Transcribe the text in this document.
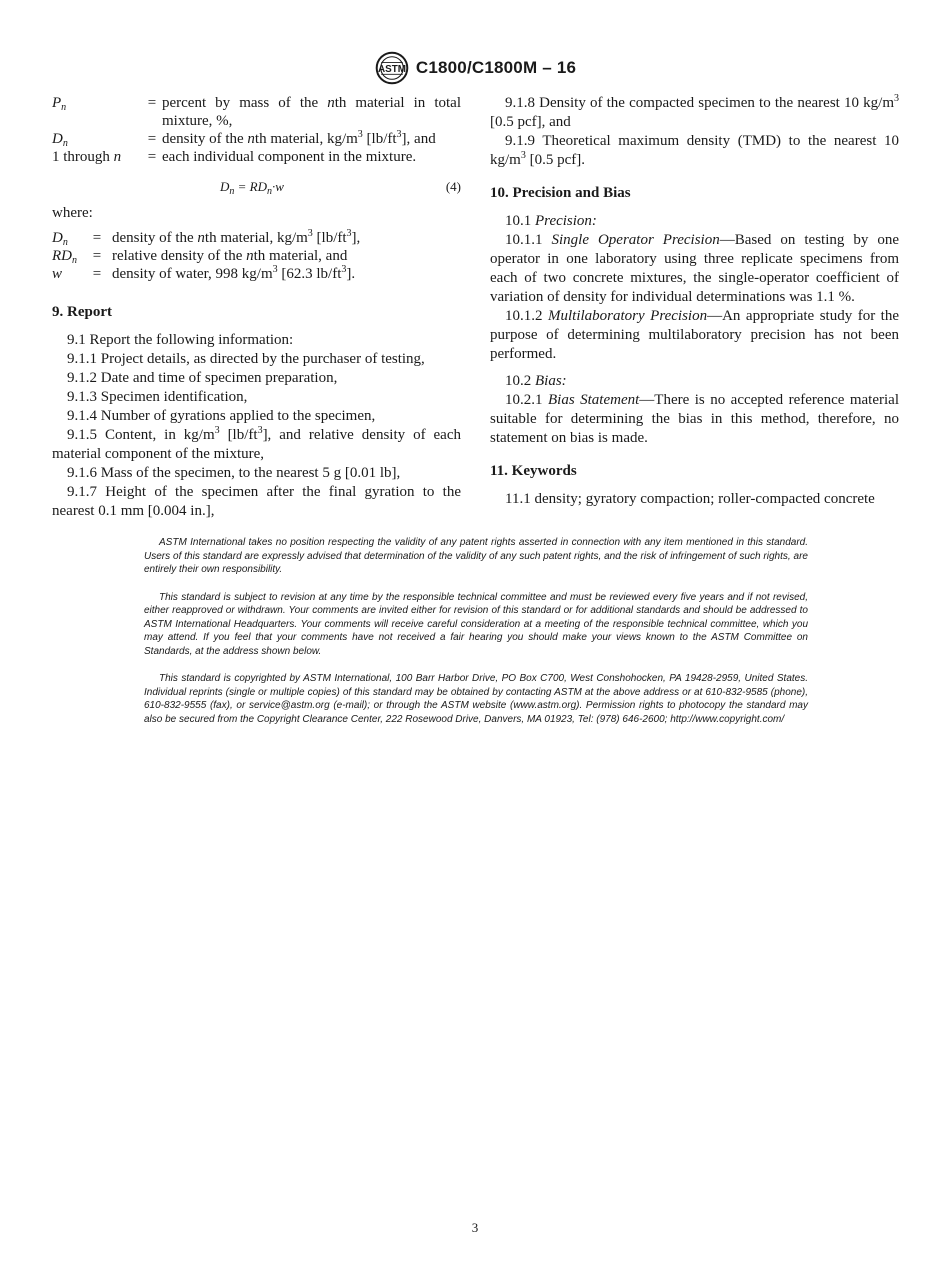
ASTM C1800/C1800M – 16
$P_n$	=	percent by mass of the nth material in total mixture, %,
$D_n$	=	density of the nth material, $kg/m^3$ $[lb/ft^3]$, and
1 through n	=	each individual component in the mixture.
$D_n = RD_n\cdot w$	(4)

where:

$D_n$	=	density of the nth material, $kg/m^3$ $[lb/ft^3]$,
$RD_n$	=	relative density of the nth material, and
w	=	density of water, 998 $kg/m^3$ [62.3 $lb/ft^3$].

9. Report

9.1 Report the following information:

9.1.1 Project details, as directed by the purchaser of testing,

9.1.2 Date and time of specimen preparation,

9.1.3 Specimen identification,

9.1.4 Number of gyrations applied to the specimen,

9.1.5 Content, in $kg/m^3$ $[lb/ft^3]$, and relative density of each material component of the mixture,

9.1.6 Mass of the specimen, to the nearest 5 g [0.01 lb],

9.1.7 Height of the specimen after the final gyration to the nearest 0.1 mm [0.004 in.],

9.1.8 Density of the compacted specimen to the nearest 10 $kg/m^3$ [0.5 pcf], and

9.1.9 Theoretical maximum density (TMD) to the nearest 10 $kg/m^3$ [0.5 pcf].

10. Precision and Bias

10.1 Precision:

10.1.1 Single Operator Precision—Based on testing by one operator in one laboratory using three replicate specimens from each of two concrete mixtures, the single-operator coefficient of variation of density for individual determinations was 1.1 %.

10.1.2 Multilaboratory Precision—An appropriate study for the purpose of determining multilaboratory precision has not been performed.

10.2 Bias:

10.2.1 Bias Statement—There is no accepted reference material suitable for determining the bias in this method, therefore, no statement on bias is made.

11. Keywords

11.1 density; gyratory compaction; roller-compacted concrete

ASTM International takes no position respecting the validity of any patent rights asserted in connection with any item mentioned in this standard. Users of this standard are expressly advised that determination of the validity of any such patent rights, and the risk of infringement of such rights, are entirely their own responsibility.

This standard is subject to revision at any time by the responsible technical committee and must be reviewed every five years and if not revised, either reapproved or withdrawn. Your comments are invited either for revision of this standard or for additional standards and should be addressed to ASTM International Headquarters. Your comments will receive careful consideration at a meeting of the responsible technical committee, which you may attend. If you feel that your comments have not received a fair hearing you should make your views known to the ASTM Committee on Standards, at the address shown below.

This standard is copyrighted by ASTM International, 100 Barr Harbor Drive, PO Box C700, West Conshohocken, PA 19428-2959, United States. Individual reprints (single or multiple copies) of this standard may be obtained by contacting ASTM at the above address or at 610-832-9585 (phone), 610-832-9555 (fax), or service@astm.org (e-mail); or through the ASTM website (www.astm.org). Permission rights to photocopy the standard may also be secured from the Copyright Clearance Center, 222 Rosewood Drive, Danvers, MA 01923, Tel: (978) 646-2600; http://www.copyright.com/

3
